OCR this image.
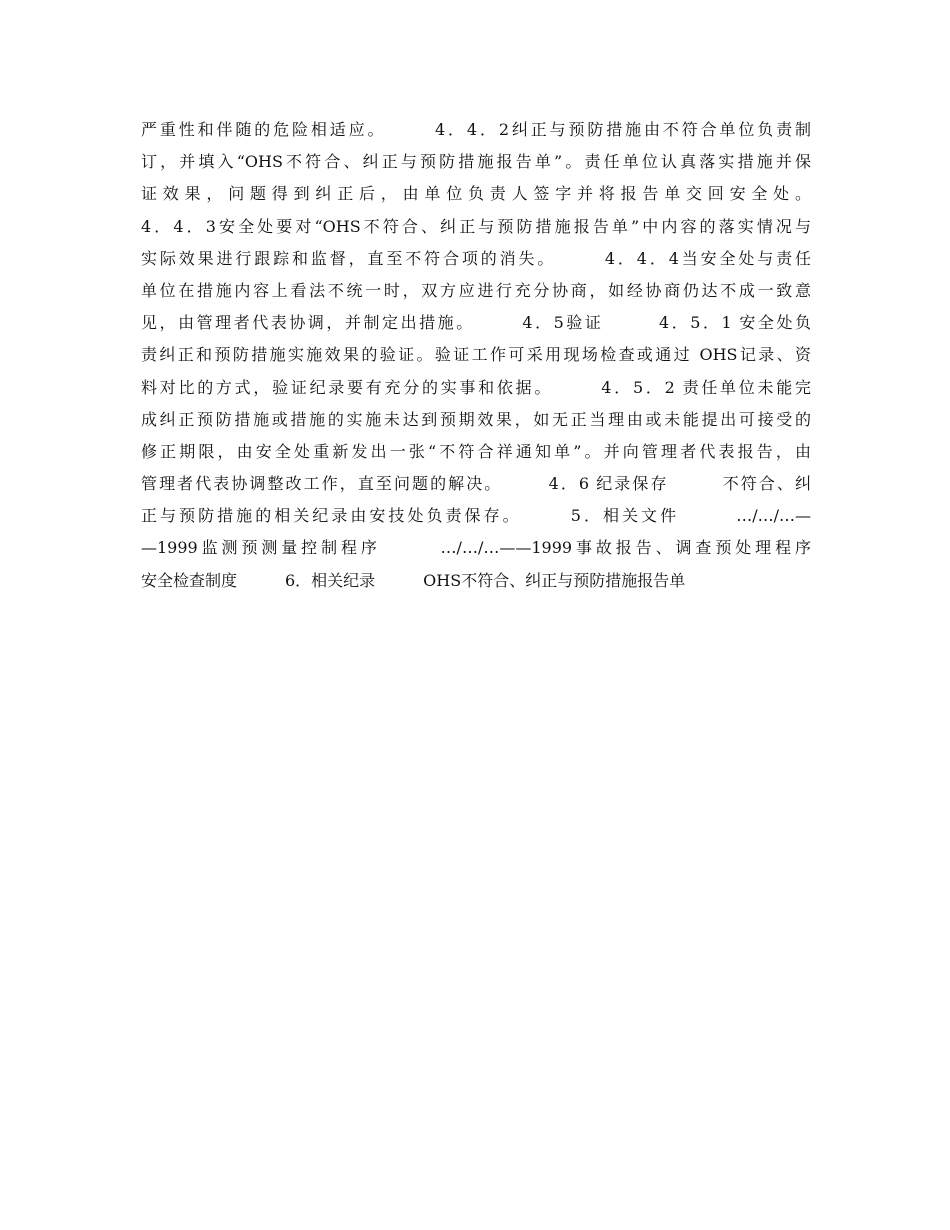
严重性和伴随的危险相适应。　　　4．4．2纠正与预防措施由不符合单位负责制
订，并填入“OHS不符合、纠正与预防措施报告单”。责任单位认真落实措施并保
证效果，问题得到纠正后，由单位负责人签字并将报告单交回安全处。
4．4．3安全处要对“OHS不符合、纠正与预防措施报告单”中内容的落实情况与
实际效果进行跟踪和监督，直至不符合项的消失。　　　4．4．4当安全处与责任
单位在措施内容上看法不统一时，双方应进行充分协商，如经协商仍达不成一致意
见，由管理者代表协调，并制定出措施。　　　4．5验证　　　4．5．1 安全处负
责纠正和预防措施实施效果的验证。验证工作可采用现场检查或通过 OHS记录、资
料对比的方式，验证纪录要有充分的实事和依据。　　　4．5．2 责任单位未能完
成纠正预防措施或措施的实施未达到预期效果，如无正当理由或未能提出可接受的
修正期限，由安全处重新发出一张“不符合祥通知单”。并向管理者代表报告，由
管理者代表协调整改工作，直至问题的解决。　　　4．6 纪录保存　　　不符合、纠
正与预防措施的相关纪录由安技处负责保存。　　　5．相关文件　　　…/…/…—
—1999监测预测量控制程序　　　…/…/…——1999事故报告、调查预处理程序
安全检查制度　　　6．相关纪录　　　OHS不符合、纠正与预防措施报告单
